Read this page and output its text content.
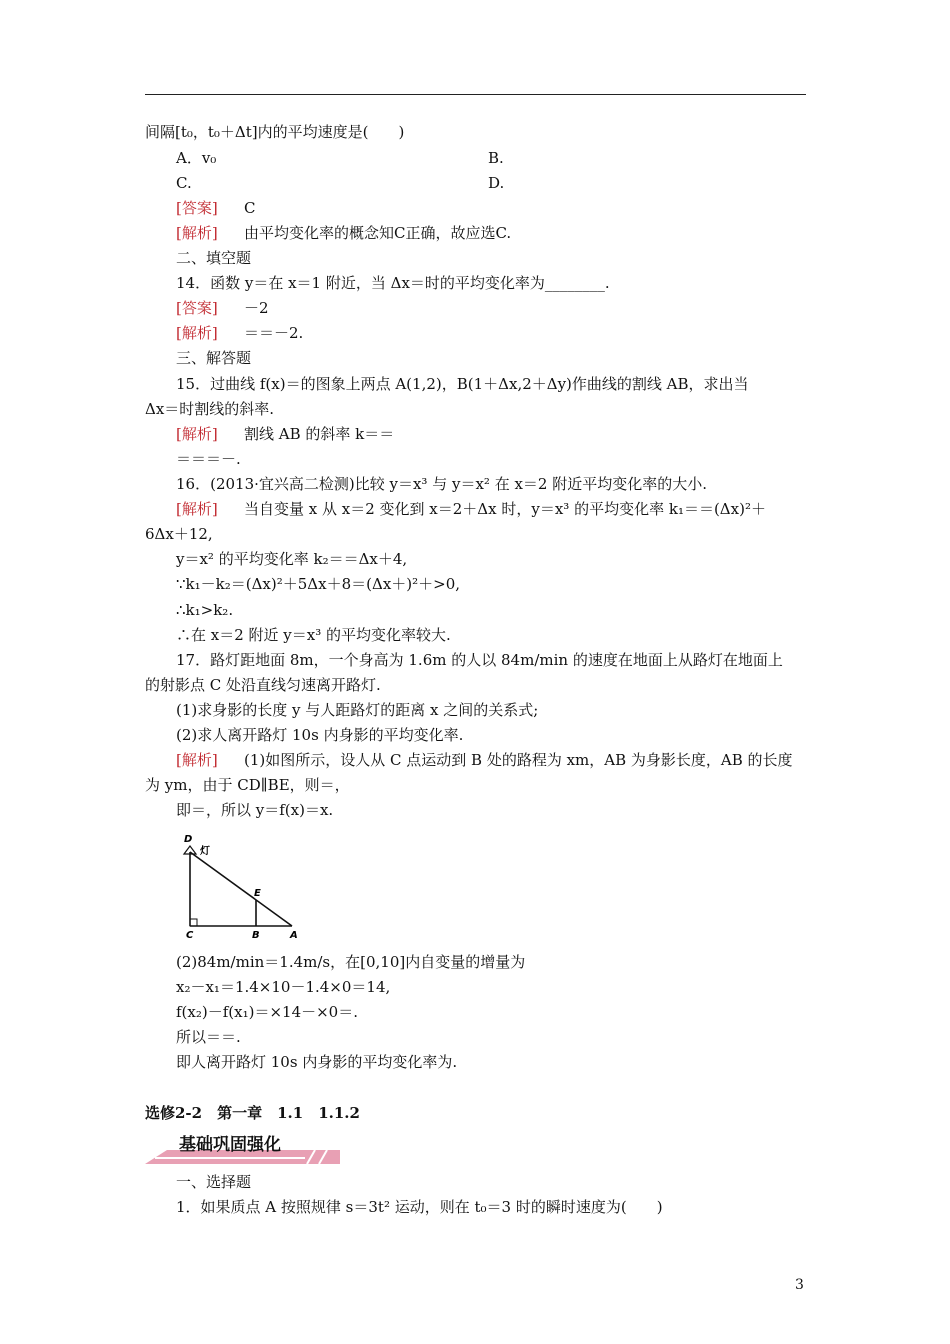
间隔[t₀，t₀＋Δt]内的平均速度是(　　)
A．v₀	B.
C.	D.
[答案] C
[解析] 由平均变化率的概念知C正确，故应选C.
二、填空题
14．函数 y＝在 x＝1 附近，当 Δx＝时的平均变化率为________.
[答案] －2
[解析] ＝＝－2.
三、解答题
15．过曲线 f(x)＝的图象上两点 A(1,2)，B(1＋Δx,2＋Δy)作曲线的割线 AB，求出当
Δx＝时割线的斜率.
[解析] 割线 AB 的斜率 k＝＝
＝＝＝－.
16．(2013·宜兴高二检测)比较 y＝x³ 与 y＝x² 在 x＝2 附近平均变化率的大小.
[解析] 当自变量 x 从 x＝2 变化到 x＝2＋Δx 时，y＝x³ 的平均变化率 k₁＝＝(Δx)²＋
6Δx＋12,
y＝x² 的平均变化率 k₂＝＝Δx＋4,
∵k₁－k₂＝(Δx)²＋5Δx＋8＝(Δx＋)²＋>0,
∴k₁>k₂.
∴在 x＝2 附近 y＝x³ 的平均变化率较大.
17．路灯距地面 8m，一个身高为 1.6m 的人以 84m/min 的速度在地面上从路灯在地面上
的射影点 C 处沿直线匀速离开路灯.
(1)求身影的长度 y 与人距路灯的距离 x 之间的关系式;
(2)求人离开路灯 10s 内身影的平均变化率.
[解析] (1)如图所示，设人从 C 点运动到 B 处的路程为 xm，AB 为身影长度，AB 的长度
为 ym，由于 CD∥BE，则＝，
即＝，所以 y＝f(x)＝x.
D
灯
E
C	B	A
(2)84m/min＝1.4m/s，在[0,10]内自变量的增量为
x₂－x₁＝1.4×10－1.4×0＝14,
f(x₂)－f(x₁)＝×14－×0＝.
所以＝＝.
即人离开路灯 10s 内身影的平均变化率为.
选修2-2　第一章　1.1　1.1.2
基础巩固强化
一、选择题
1．如果质点 A 按照规律 s＝3t² 运动，则在 t₀＝3 时的瞬时速度为(　　)
3
